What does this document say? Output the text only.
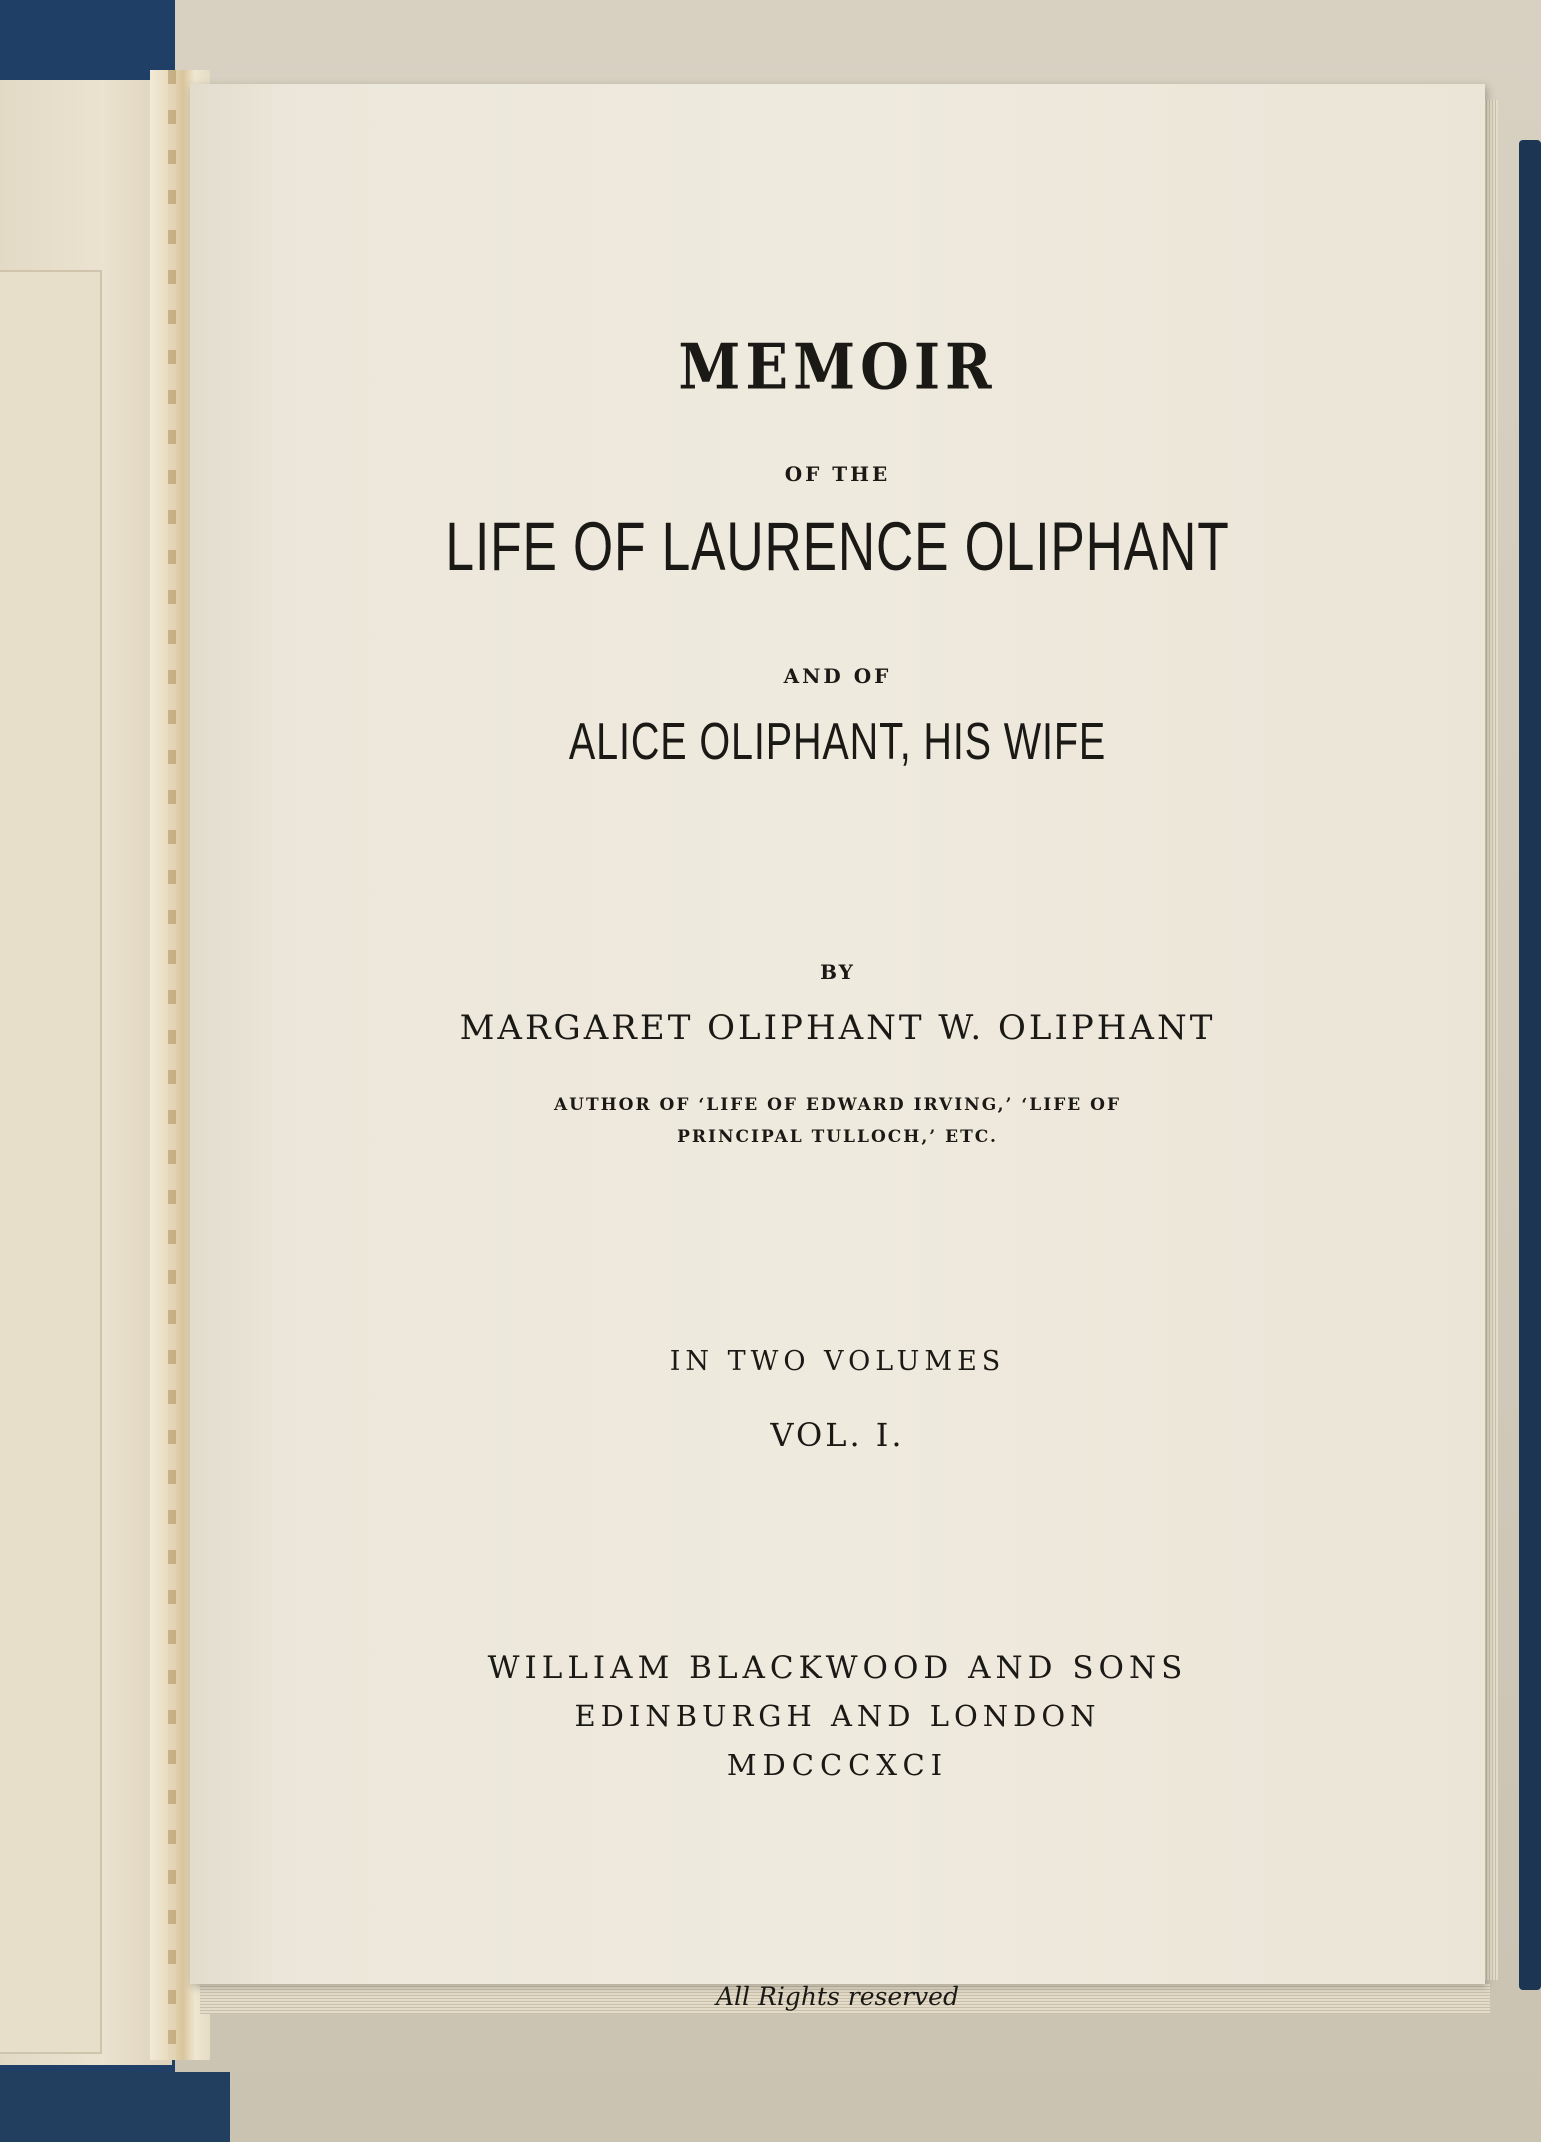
MEMOIR
OF THE
LIFE OF LAURENCE OLIPHANT
AND OF
ALICE OLIPHANT, HIS WIFE
BY
MARGARET OLIPHANT W. OLIPHANT
AUTHOR OF ‘LIFE OF EDWARD IRVING,’ ‘LIFE OF
PRINCIPAL TULLOCH,’ ETC.
IN TWO VOLUMES
VOL. I.
WILLIAM BLACKWOOD AND SONS
EDINBURGH AND LONDON
MDCCCXCI
All Rights reserved
